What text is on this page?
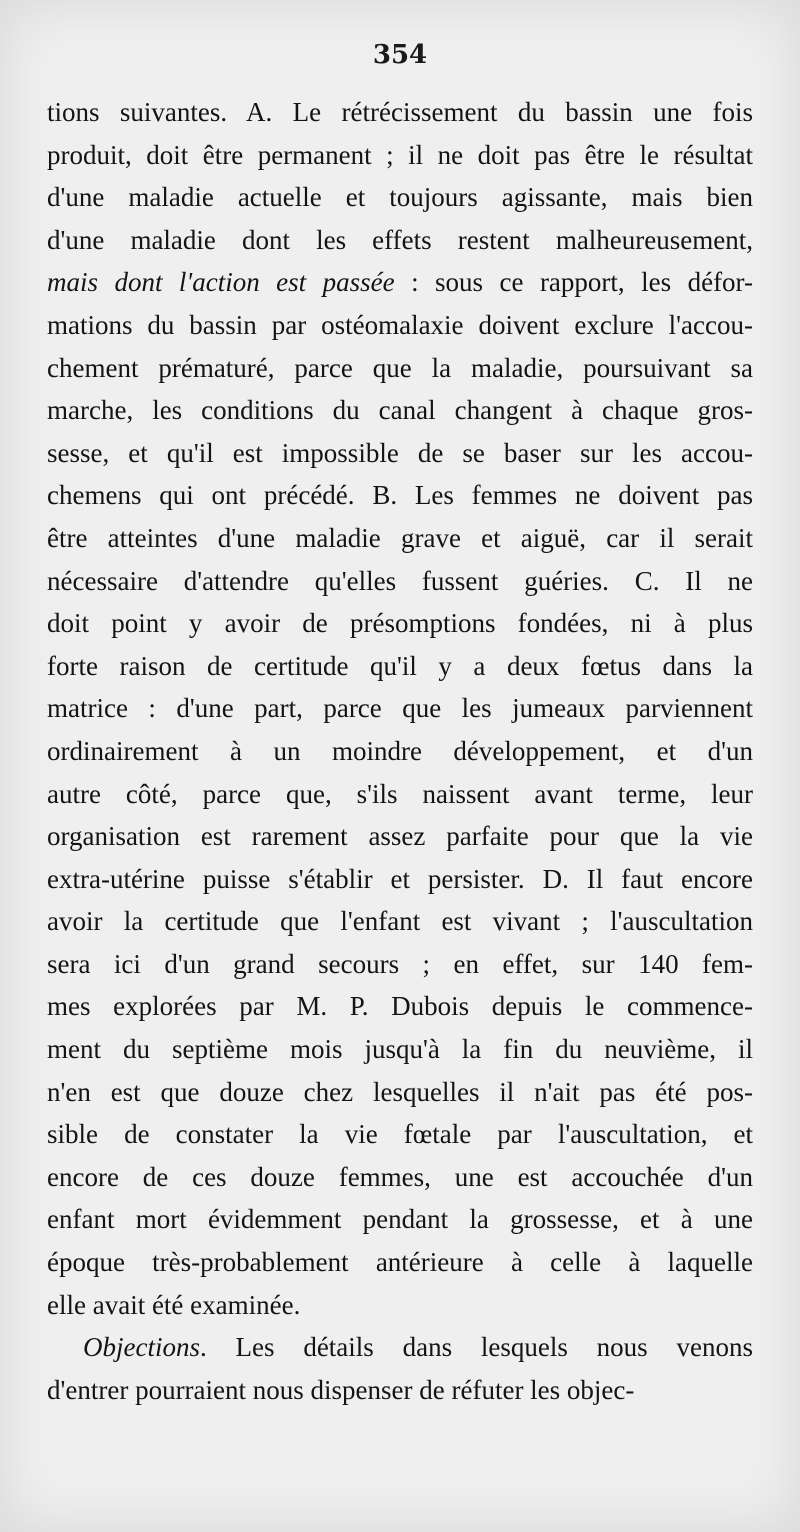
354
tions suivantes. A. Le rétrécissement du bassin une fois
produit, doit être permanent ; il ne doit pas être le résultat
d'une maladie actuelle et toujours agissante, mais bien
d'une maladie dont les effets restent malheureusement,
mais dont l'action est passée : sous ce rapport, les défor-
mations du bassin par ostéomalaxie doivent exclure l'accou-
chement prématuré, parce que la maladie, poursuivant sa
marche, les conditions du canal changent à chaque gros-
sesse, et qu'il est impossible de se baser sur les accou-
chemens qui ont précédé. B. Les femmes ne doivent pas
être atteintes d'une maladie grave et aiguë, car il serait
nécessaire d'attendre qu'elles fussent guéries. C. Il ne
doit point y avoir de présomptions fondées, ni à plus
forte raison de certitude qu'il y a deux fœtus dans la
matrice : d'une part, parce que les jumeaux parviennent
ordinairement à un moindre développement, et d'un
autre côté, parce que, s'ils naissent avant terme, leur
organisation est rarement assez parfaite pour que la vie
extra-utérine puisse s'établir et persister. D. Il faut encore
avoir la certitude que l'enfant est vivant ; l'auscultation
sera ici d'un grand secours ; en effet, sur 140 fem-
mes explorées par M. P. Dubois depuis le commence-
ment du septième mois jusqu'à la fin du neuvième, il
n'en est que douze chez lesquelles il n'ait pas été pos-
sible de constater la vie fœtale par l'auscultation, et
encore de ces douze femmes, une est accouchée d'un
enfant mort évidemment pendant la grossesse, et à une
époque très-probablement antérieure à celle à laquelle
elle avait été examinée.
Objections. Les détails dans lesquels nous venons
d'entrer pourraient nous dispenser de réfuter les objec-
